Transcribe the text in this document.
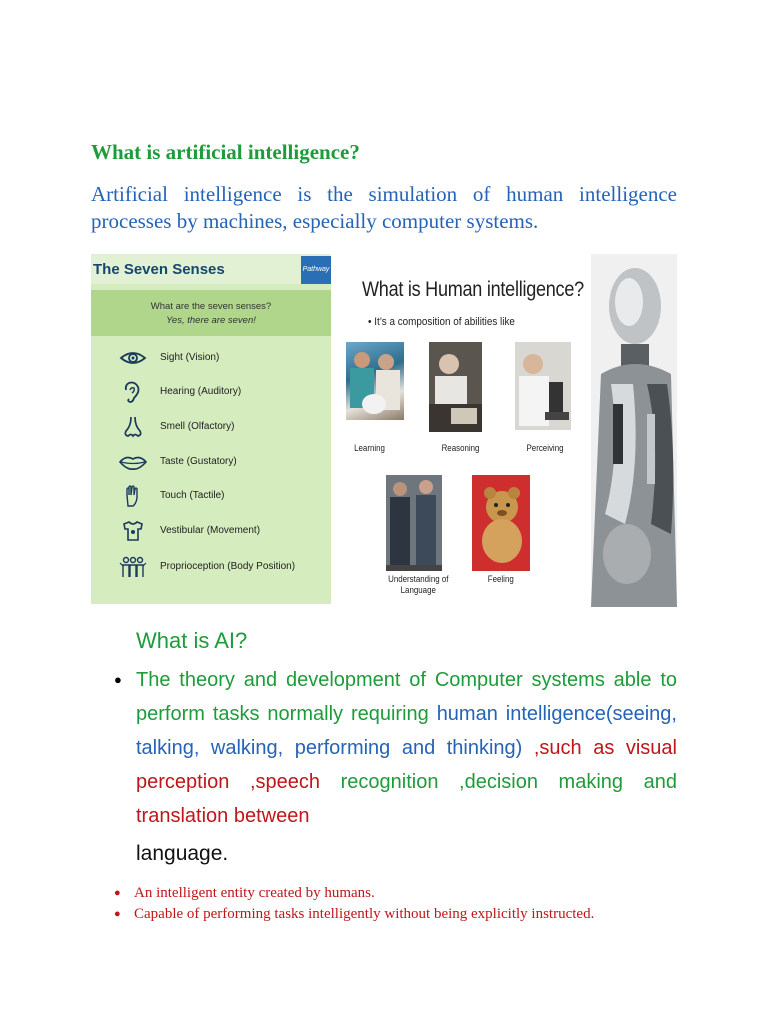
What is artificial intelligence?
Artificial intelligence is the simulation of human intelligence processes by machines, especially computer systems.
The Seven Senses	Pathway
What are the seven senses?
Yes, there are seven!
Sight (Vision)
Hearing (Auditory)
Smell (Olfactory)
Taste (Gustatory)
Touch (Tactile)
Vestibular (Movement)
Proprioception (Body Position)
What is Human intelligence?
• It’s a composition of abilities like
Learning	Reasoning	Perceiving
Understanding of
Language
Feeling
What is AI?
● The theory and development of Computer systems able to perform tasks normally requiring human intelligence(seeing, talking, walking, performing and thinking) ,such as visual perception ,speech recognition ,decision making and translation between
language.
● An intelligent entity created by humans.
● Capable of performing tasks intelligently without being explicitly instructed.
